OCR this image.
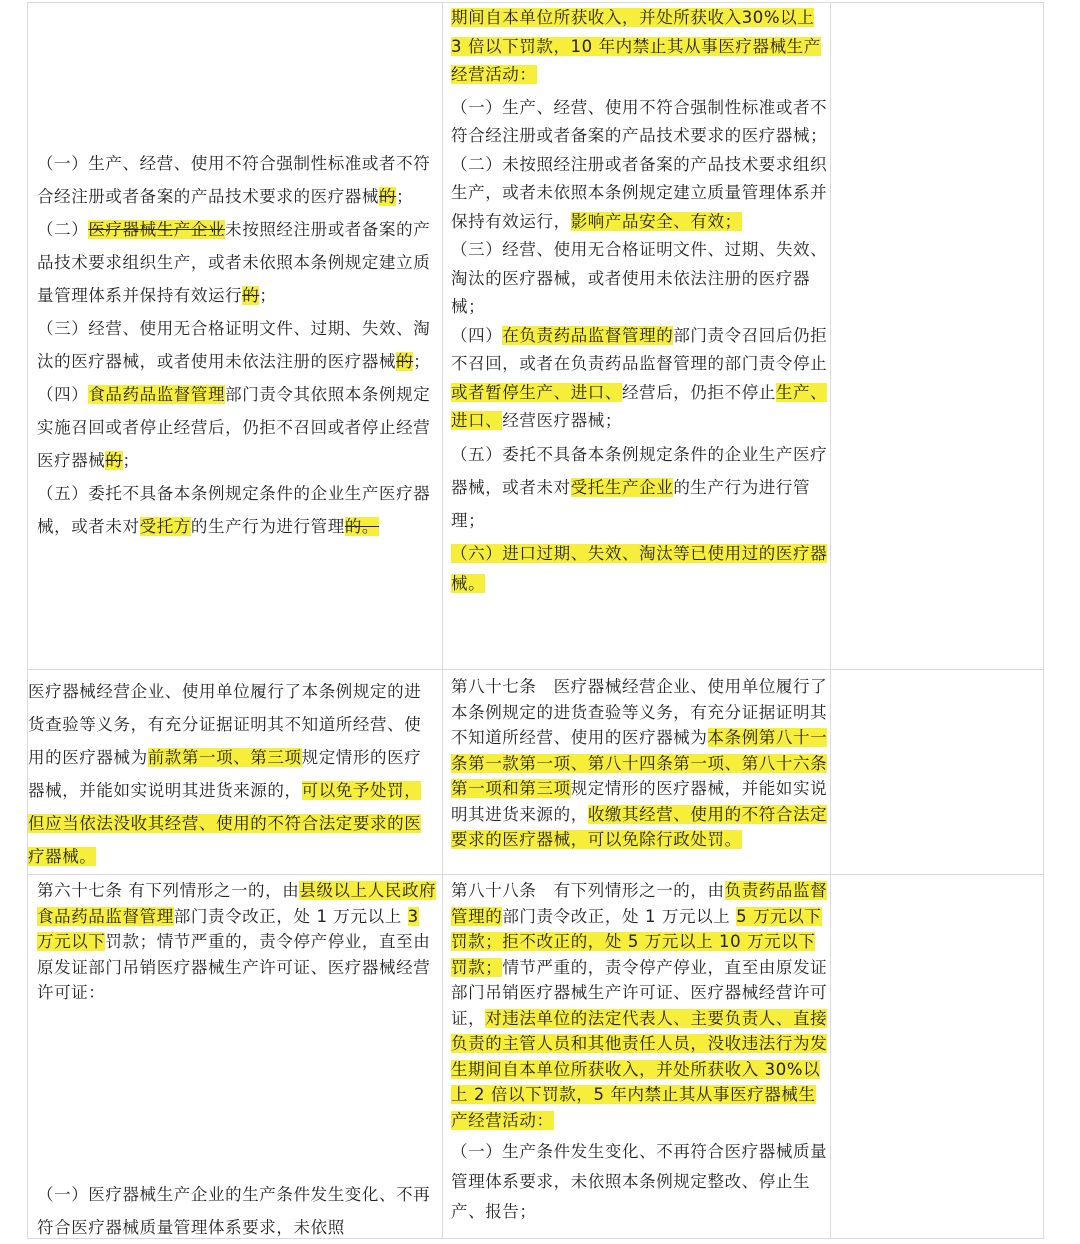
（一）生产、经营、使用不符合强制性标准或者不符合经注册或者备案的产品技术要求的医疗器械的；

（二）医疗器械生产企业未按照经注册或者备案的产品技术要求组织生产，或者未依照本条例规定建立质量管理体系并保持有效运行的；

（三）经营、使用无合格证明文件、过期、失效、淘汰的医疗器械，或者使用未依法注册的医疗器械的；

（四）食品药品监督管理部门责令其依照本条例规定实施召回或者停止经营后，仍拒不召回或者停止经营医疗器械的；

（五）委托不具备本条例规定条件的企业生产医疗器械，或者未对受托方的生产行为进行管理的。

期间自本单位所获收入，并处所获收入30%以上 3 倍以下罚款，10 年内禁止其从事医疗器械生产经营活动：

（一）生产、经营、使用不符合强制性标准或者不符合经注册或者备案的产品技术要求的医疗器械；

（二）未按照经注册或者备案的产品技术要求组织生产，或者未依照本条例规定建立质量管理体系并保持有效运行，影响产品安全、有效；

（三）经营、使用无合格证明文件、过期、失效、淘汰的医疗器械，或者使用未依法注册的医疗器械；

（四）在负责药品监督管理的部门责令召回后仍拒不召回，或者在负责药品监督管理的部门责令停止或者暂停生产、进口、经营后，仍拒不停止生产、进口、经营医疗器械；

（五）委托不具备本条例规定条件的企业生产医疗器械，或者未对受托生产企业的生产行为进行管理；

（六）进口过期、失效、淘汰等已使用过的医疗器械。

医疗器械经营企业、使用单位履行了本条例规定的进货查验等义务，有充分证据证明其不知道所经营、使用的医疗器械为前款第一项、第三项规定情形的医疗器械，并能如实说明其进货来源的，可以免予处罚，但应当依法没收其经营、使用的不符合法定要求的医疗器械。

第八十七条　医疗器械经营企业、使用单位履行了本条例规定的进货查验等义务，有充分证据证明其不知道所经营、使用的医疗器械为本条例第八十一条第一款第一项、第八十四条第一项、第八十六条第一项和第三项规定情形的医疗器械，并能如实说明其进货来源的，收缴其经营、使用的不符合法定要求的医疗器械，可以免除行政处罚。

第六十七条 有下列情形之一的，由县级以上人民政府食品药品监督管理部门责令改正，处 1 万元以上 3 万元以下罚款；情节严重的，责令停产停业，直至由原发证部门吊销医疗器械生产许可证、医疗器械经营许可证：

（一）医疗器械生产企业的生产条件发生变化、不再符合医疗器械质量管理体系要求，未依照

第八十八条　有下列情形之一的，由负责药品监督管理的部门责令改正，处 1 万元以上 5 万元以下罚款；拒不改正的，处 5 万元以上 10 万元以下罚款；情节严重的，责令停产停业，直至由原发证部门吊销医疗器械生产许可证、医疗器械经营许可证，对违法单位的法定代表人、主要负责人、直接负责的主管人员和其他责任人员，没收违法行为发生期间自本单位所获收入，并处所获收入 30%以上 2 倍以下罚款，5 年内禁止其从事医疗器械生产经营活动：

（一）生产条件发生变化、不再符合医疗器械质量管理体系要求，未依照本条例规定整改、停止生产、报告；
